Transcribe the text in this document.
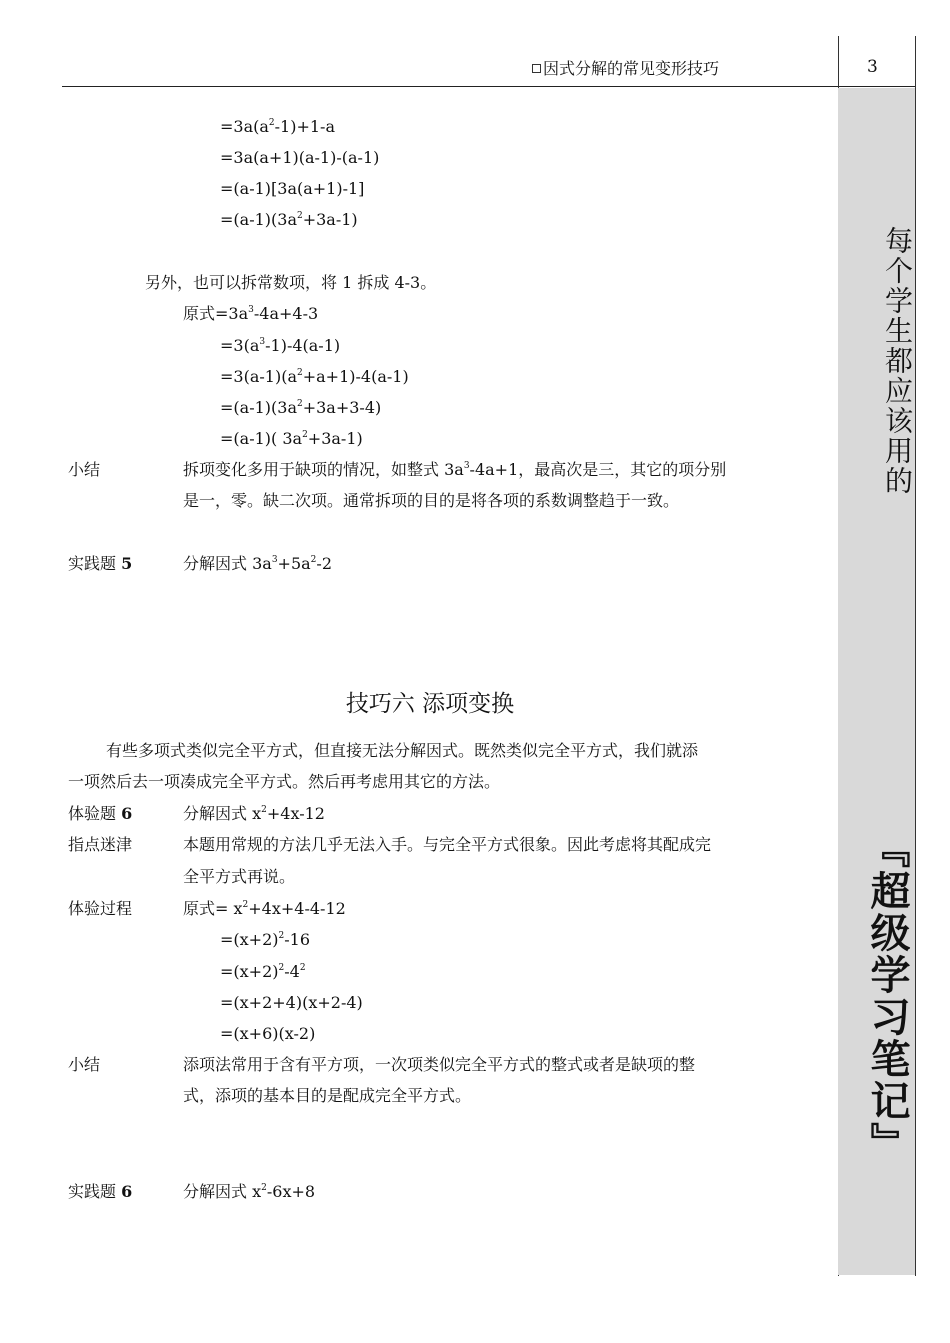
因式分解的常见变形技巧	3
每个学生都应该用的
『超级学习笔记』
技巧六 添项变换
$=3a(a^2-1)+1-a$
=3a(a+1)(a-1)-(a-1)
=(a-1)[3a(a+1)-1]
$=(a-1)(3a^2+3a-1)$
另外，也可以拆常数项，将 1 拆成 4-3。
原式$=3a^3-4a+4-3$
$=3(a^3-1)-4(a-1)$
$=3(a-1)(a^2+a+1)-4(a-1)$
$=(a-1)(3a^2+3a+3-4)$
=(a-1)( $3a^2+3a-1$)
小结	拆项变化多用于缺项的情况，如整式 $3a^3-4a+1$，最高次是三，其它的项分别
是一，零。缺二次项。通常拆项的目的是将各项的系数调整趋于一致。
实践题 5	分解因式 $3a^3+5a^2-2$
有些多项式类似完全平方式，但直接无法分解因式。既然类似完全平方式，我们就添
一项然后去一项凑成完全平方式。然后再考虑用其它的方法。
体验题 6	分解因式 $x^2+4x-12$
指点迷津	本题用常规的方法几乎无法入手。与完全平方式很象。因此考虑将其配成完
全平方式再说。
体验过程	原式= $x^2+4x+4-4-12$
$=(x+2)^2-16$
$=(x+2)^2-4^2$
=(x+2+4)(x+2-4)
=(x+6)(x-2)
小结	添项法常用于含有平方项，一次项类似完全平方式的整式或者是缺项的整
式，添项的基本目的是配成完全平方式。
实践题 6	分解因式 $x^2-6x+8$
